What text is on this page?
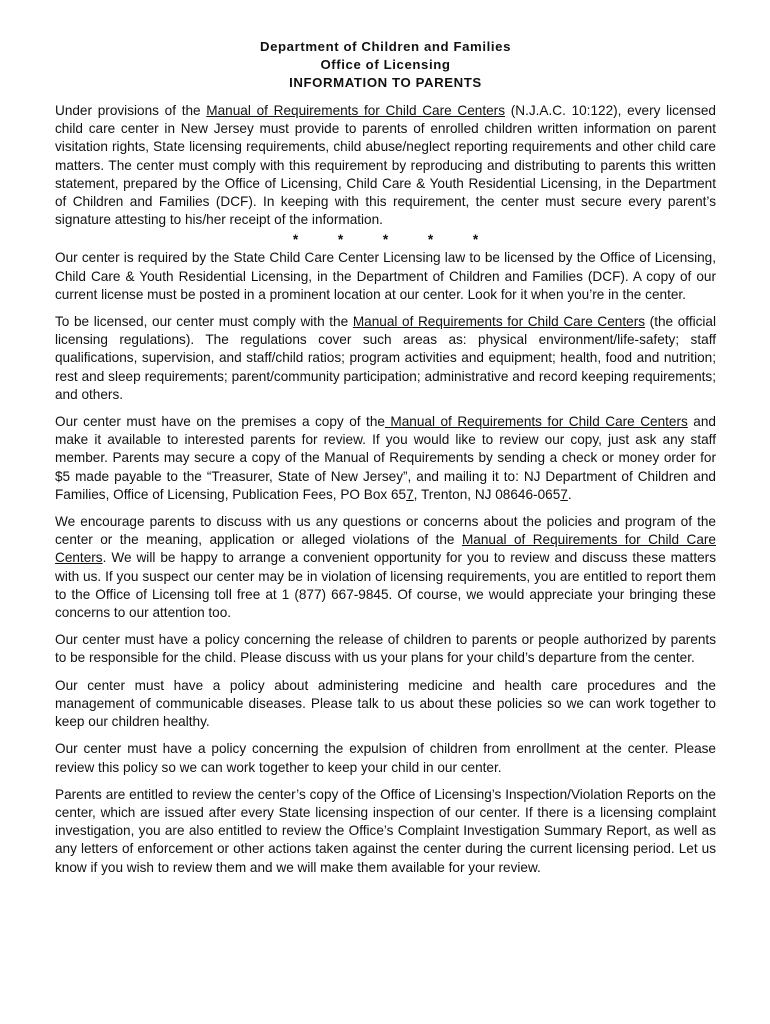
Department of Children and Families
Office of Licensing
INFORMATION TO PARENTS

Under provisions of the Manual of Requirements for Child Care Centers (N.J.A.C. 10:122), every licensed child care center in New Jersey must provide to parents of enrolled children written information on parent visitation rights, State licensing requirements, child abuse/neglect reporting requirements and other child care matters. The center must comply with this requirement by reproducing and distributing to parents this written statement, prepared by the Office of Licensing, Child Care & Youth Residential Licensing, in the Department of Children and Families (DCF). In keeping with this requirement, the center must secure every parent’s signature attesting to his/her receipt of the information.

*	*	*	*	*

Our center is required by the State Child Care Center Licensing law to be licensed by the Office of Licensing, Child Care & Youth Residential Licensing, in the Department of Children and Families (DCF). A copy of our current license must be posted in a prominent location at our center. Look for it when you’re in the center.

To be licensed, our center must comply with the Manual of Requirements for Child Care Centers (the official licensing regulations). The regulations cover such areas as: physical environment/life-safety; staff qualifications, supervision, and staff/child ratios; program activities and equipment; health, food and nutrition; rest and sleep requirements; parent/community participation; administrative and record keeping requirements; and others.

Our center must have on the premises a copy of the Manual of Requirements for Child Care Centers and make it available to interested parents for review. If you would like to review our copy, just ask any staff member. Parents may secure a copy of the Manual of Requirements by sending a check or money order for $5 made payable to the “Treasurer, State of New Jersey”, and mailing it to: NJ Department of Children and Families, Office of Licensing, Publication Fees, PO Box 657, Trenton, NJ 08646-0657.

We encourage parents to discuss with us any questions or concerns about the policies and program of the center or the meaning, application or alleged violations of the Manual of Requirements for Child Care Centers. We will be happy to arrange a convenient opportunity for you to review and discuss these matters with us. If you suspect our center may be in violation of licensing requirements, you are entitled to report them to the Office of Licensing toll free at 1 (877) 667-9845. Of course, we would appreciate your bringing these concerns to our attention too.

Our center must have a policy concerning the release of children to parents or people authorized by parents to be responsible for the child. Please discuss with us your plans for your child’s departure from the center.

Our center must have a policy about administering medicine and health care procedures and the management of communicable diseases. Please talk to us about these policies so we can work together to keep our children healthy.

Our center must have a policy concerning the expulsion of children from enrollment at the center. Please review this policy so we can work together to keep your child in our center.

Parents are entitled to review the center’s copy of the Office of Licensing’s Inspection/Violation Reports on the center, which are issued after every State licensing inspection of our center. If there is a licensing complaint investigation, you are also entitled to review the Office’s Complaint Investigation Summary Report, as well as any letters of enforcement or other actions taken against the center during the current licensing period. Let us know if you wish to review them and we will make them available for your review.
